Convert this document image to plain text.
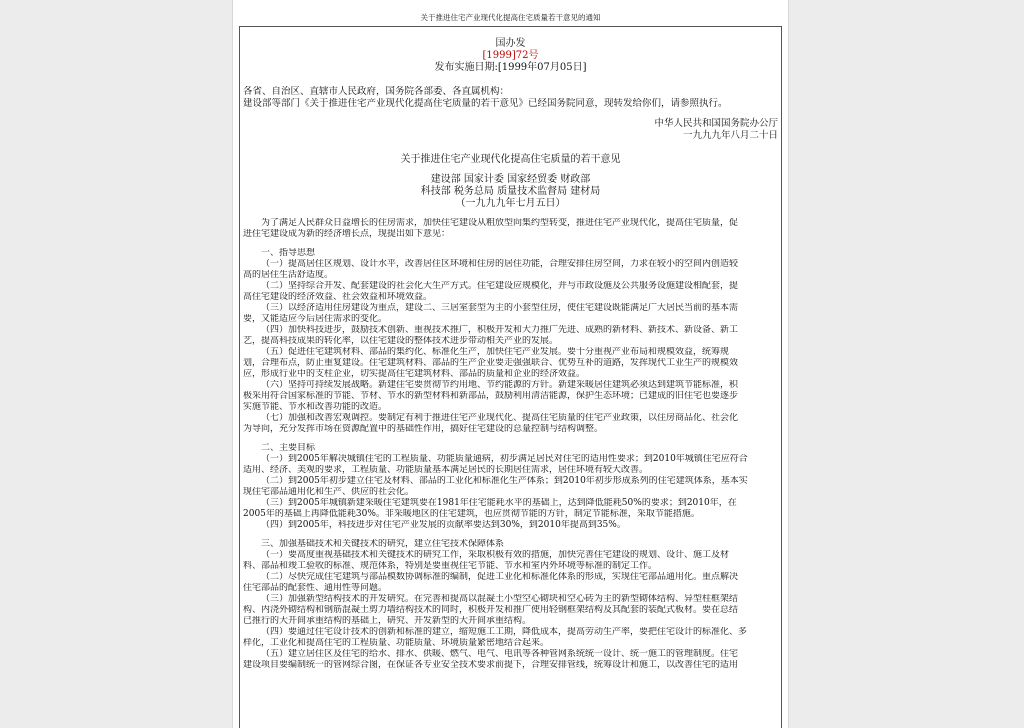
关于推进住宅产业现代化提高住宅质量若干意见的通知
国办发
[1999]72号
发布实施日期:[1999年07月05日]
各省、自治区、直辖市人民政府，国务院各部委、各直属机构：
建设部等部门《关于推进住宅产业现代化提高住宅质量的若干意见》已经国务院同意，现转发给你们，请参照执行。
中华人民共和国国务院办公厅
一九九九年八月二十日
关于推进住宅产业现代化提高住宅质量的若干意见
建设部 国家计委 国家经贸委 财政部
科技部 税务总局 质量技术监督局 建材局
（一九九九年七月五日）
为了满足人民群众日益增长的住房需求，加快住宅建设从粗放型向集约型转变，推进住宅产业现代化，提高住宅质量，促
进住宅建设成为新的经济增长点，现提出如下意见：
一、指导思想
（一）提高居住区规划、设计水平，改善居住区环境和住房的居住功能，合理安排住房空间，力求在较小的空间内创造较
高的居住生活舒适度。
（二）坚持综合开发、配套建设的社会化大生产方式。住宅建设应规模化，并与市政设施及公共服务设施建设相配套，提
高住宅建设的经济效益、社会效益和环境效益。
（三）以经济适用住房建设为重点，建设二、三居室套型为主的小套型住房，使住宅建设既能满足广大居民当前的基本需
要，又能适应今后居住需求的变化。
（四）加快科技进步，鼓励技术创新、重视技术推广，积极开发和大力推广先进、成熟的新材料、新技术、新设备、新工
艺，提高科技成果的转化率，以住宅建设的整体技术进步带动相关产业的发展。
（五）促进住宅建筑材料、部品的集约化、标准化生产，加快住宅产业发展。要十分重视产业布局和规模效益，统筹规
划，合理布点，防止重复建设。住宅建筑材料、部品的生产企业要走强强联合、优势互补的道路，发挥现代工业生产的规模效
应，形成行业中的支柱企业，切实提高住宅建筑材料、部品的质量和企业的经济效益。
（六）坚持可持续发展战略。新建住宅要贯彻节约用地、节约能源的方针。新建采暖居住建筑必须达到建筑节能标准，积
极采用符合国家标准的节能、节材、节水的新型材料和新部品，鼓励利用清洁能源，保护生态环境；已建成的旧住宅也要逐步
实施节能、节水和改善功能的改造。
（七）加强和改善宏观调控。要制定有利于推进住宅产业现代化、提高住宅质量的住宅产业政策，以住房商品化、社会化
为导向，充分发挥市场在资源配置中的基础性作用，搞好住宅建设的总量控制与结构调整。
二、主要目标
（一）到2005年解决城镇住宅的工程质量、功能质量通病，初步满足居民对住宅的适用性要求；到2010年城镇住宅应符合
适用、经济、美观的要求，工程质量、功能质量基本满足居民的长期居住需求，居住环境有较大改善。
（二）到2005年初步建立住宅及材料、部品的工业化和标准化生产体系；到2010年初步形成系列的住宅建筑体系，基本实
现住宅部品通用化和生产、供应的社会化。
（三）到2005年城镇新建采暖住宅建筑要在1981年住宅能耗水平的基础上，达到降低能耗50%的要求；到2010年，在
2005年的基础上再降低能耗30%。非采暖地区的住宅建筑，也应贯彻节能的方针，制定节能标准，采取节能措施。
（四）到2005年，科技进步对住宅产业发展的贡献率要达到30%，到2010年提高到35%。
三、加强基础技术和关键技术的研究，建立住宅技术保障体系
（一）要高度重视基础技术和关键技术的研究工作，采取积极有效的措施，加快完善住宅建设的规划、设计、施工及材
料、部品和竣工验收的标准、规范体系，特别是要重视住宅节能、节水和室内外环境等标准的制定工作。
（二）尽快完成住宅建筑与部品模数协调标准的编制，促进工业化和标准化体系的形成，实现住宅部品通用化。重点解决
住宅部品的配套性、通用性等问题。
（三）加强新型结构技术的开发研究。在完善和提高以混凝土小型空心砌块和空心砖为主的新型砌体结构、异型柱框架结
构、内浇外砌结构和钢筋混凝土剪力墙结构技术的同时，积极开发和推广使用轻钢框架结构及其配套的装配式板材。要在总结
已推行的大开间承重结构的基础上，研究、开发新型的大开间承重结构。
（四）要通过住宅设计技术的创新和标准的建立，缩短施工工期，降低成本，提高劳动生产率，要把住宅设计的标准化、多
样化，工业化和提高住宅的工程质量、功能质量、环境质量紧密地结合起来。
（五）建立居住区及住宅的给水、排水、供暖、燃气、电气、电讯等各种管网系统统一设计、统一施工的管理制度。住宅
建设项目要编制统一的管网综合图，在保证各专业安全技术要求前提下，合理安排管线，统筹设计和施工，以改善住宅的适用
